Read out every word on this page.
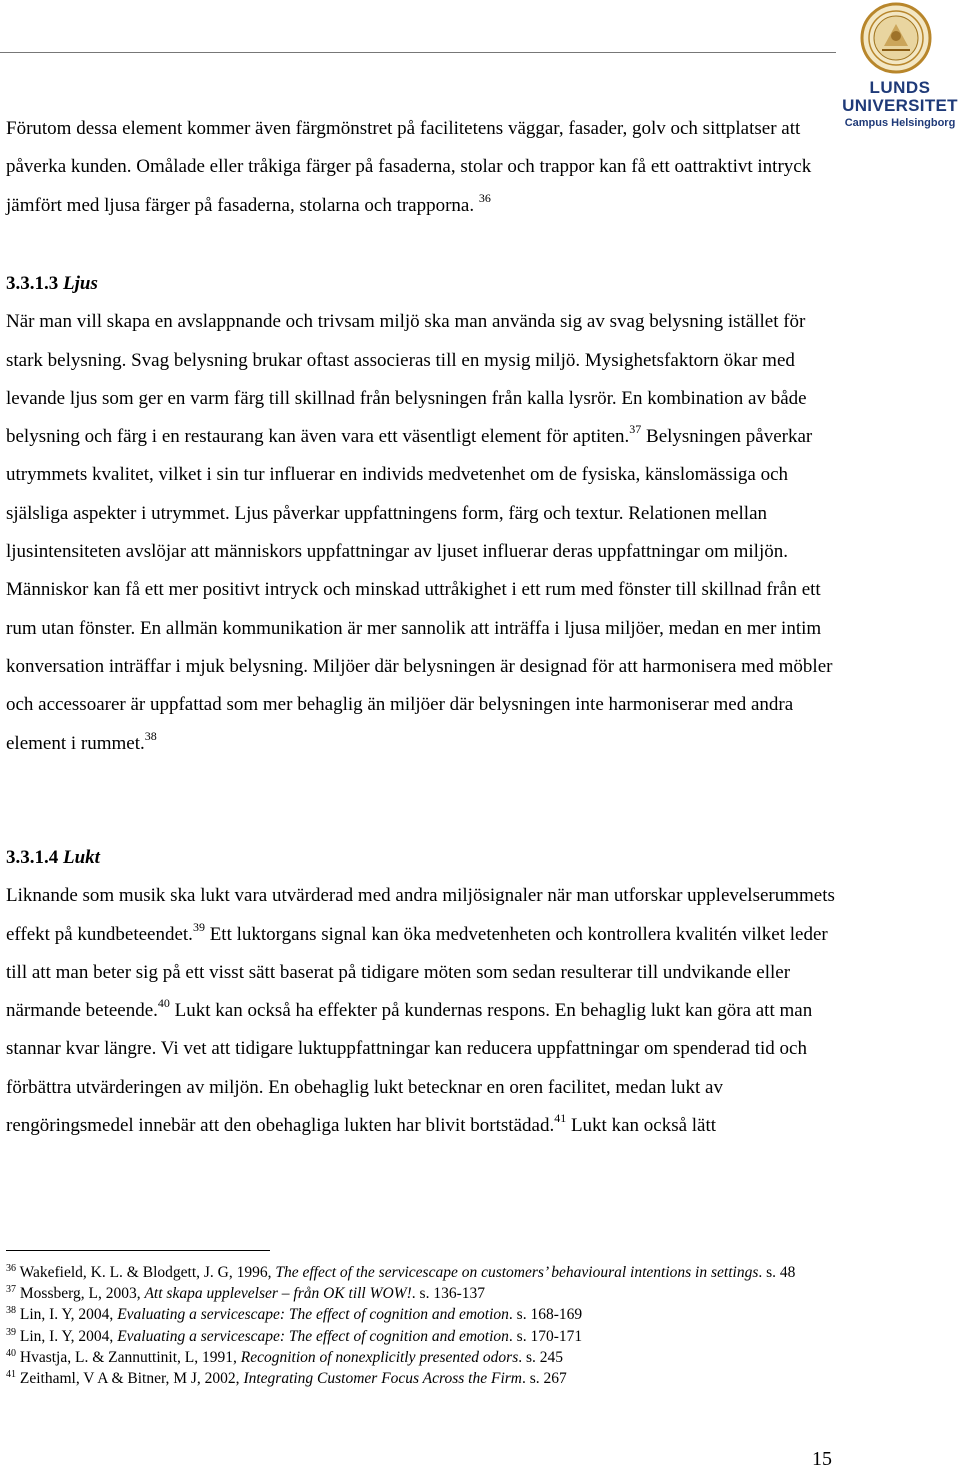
LUNDS
UNIVERSITET
Campus Helsingborg

Förutom dessa element kommer även färgmönstret på facilitetens väggar, fasader, golv och sittplatser att påverka kunden. Omålade eller tråkiga färger på fasaderna, stolar och trappor kan få ett oattraktivt intryck jämfört med ljusa färger på fasaderna, stolarna och trapporna. $^{36}$

3.3.1.3 Ljus

När man vill skapa en avslappnande och trivsam miljö ska man använda sig av svag belysning istället för stark belysning. Svag belysning brukar oftast associeras till en mysig miljö. Mysighetsfaktorn ökar med levande ljus som ger en varm färg till skillnad från belysningen från kalla lysrör. En kombination av både belysning och färg i en restaurang kan även vara ett väsentligt element för aptiten.$^{37}$ Belysningen påverkar utrymmets kvalitet, vilket i sin tur influerar en individs medvetenhet om de fysiska, känslomässiga och själsliga aspekter i utrymmet. Ljus påverkar uppfattningens form, färg och textur. Relationen mellan ljusintensiteten avslöjar att människors uppfattningar av ljuset influerar deras uppfattningar om miljön. Människor kan få ett mer positivt intryck och minskad uttråkighet i ett rum med fönster till skillnad från ett rum utan fönster. En allmän kommunikation är mer sannolik att inträffa i ljusa miljöer, medan en mer intim konversation inträffar i mjuk belysning. Miljöer där belysningen är designad för att harmonisera med möbler och accessoarer är uppfattad som mer behaglig än miljöer där belysningen inte harmoniserar med andra element i rummet.$^{38}$

3.3.1.4 Lukt

Liknande som musik ska lukt vara utvärderad med andra miljösignaler när man utforskar upplevelserummets effekt på kundbeteendet.$^{39}$ Ett luktorgans signal kan öka medvetenheten och kontrollera kvalitén vilket leder till att man beter sig på ett visst sätt baserat på tidigare möten som sedan resulterar till undvikande eller närmande beteende.$^{40}$ Lukt kan också ha effekter på kundernas respons. En behaglig lukt kan göra att man stannar kvar längre. Vi vet att tidigare luktuppfattningar kan reducera uppfattningar om spenderad tid och förbättra utvärderingen av miljön. En obehaglig lukt betecknar en oren facilitet, medan lukt av rengöringsmedel innebär att den obehagliga lukten har blivit bortstädad.$^{41}$ Lukt kan också lätt

$^{36}$ Wakefield, K. L. & Blodgett, J. G, 1996, The effect of the servicescape on customers’ behavioural intentions in settings. s. 48

$^{37}$ Mossberg, L, 2003, Att skapa upplevelser – från OK till WOW!. s. 136-137

$^{38}$ Lin, I. Y, 2004, Evaluating a servicescape: The effect of cognition and emotion. s. 168-169

$^{39}$ Lin, I. Y, 2004, Evaluating a servicescape: The effect of cognition and emotion. s. 170-171

$^{40}$ Hvastja, L. & Zannuttinit, L, 1991, Recognition of nonexplicitly presented odors. s. 245

$^{41}$ Zeithaml, V A & Bitner, M J, 2002, Integrating Customer Focus Across the Firm. s. 267

15
